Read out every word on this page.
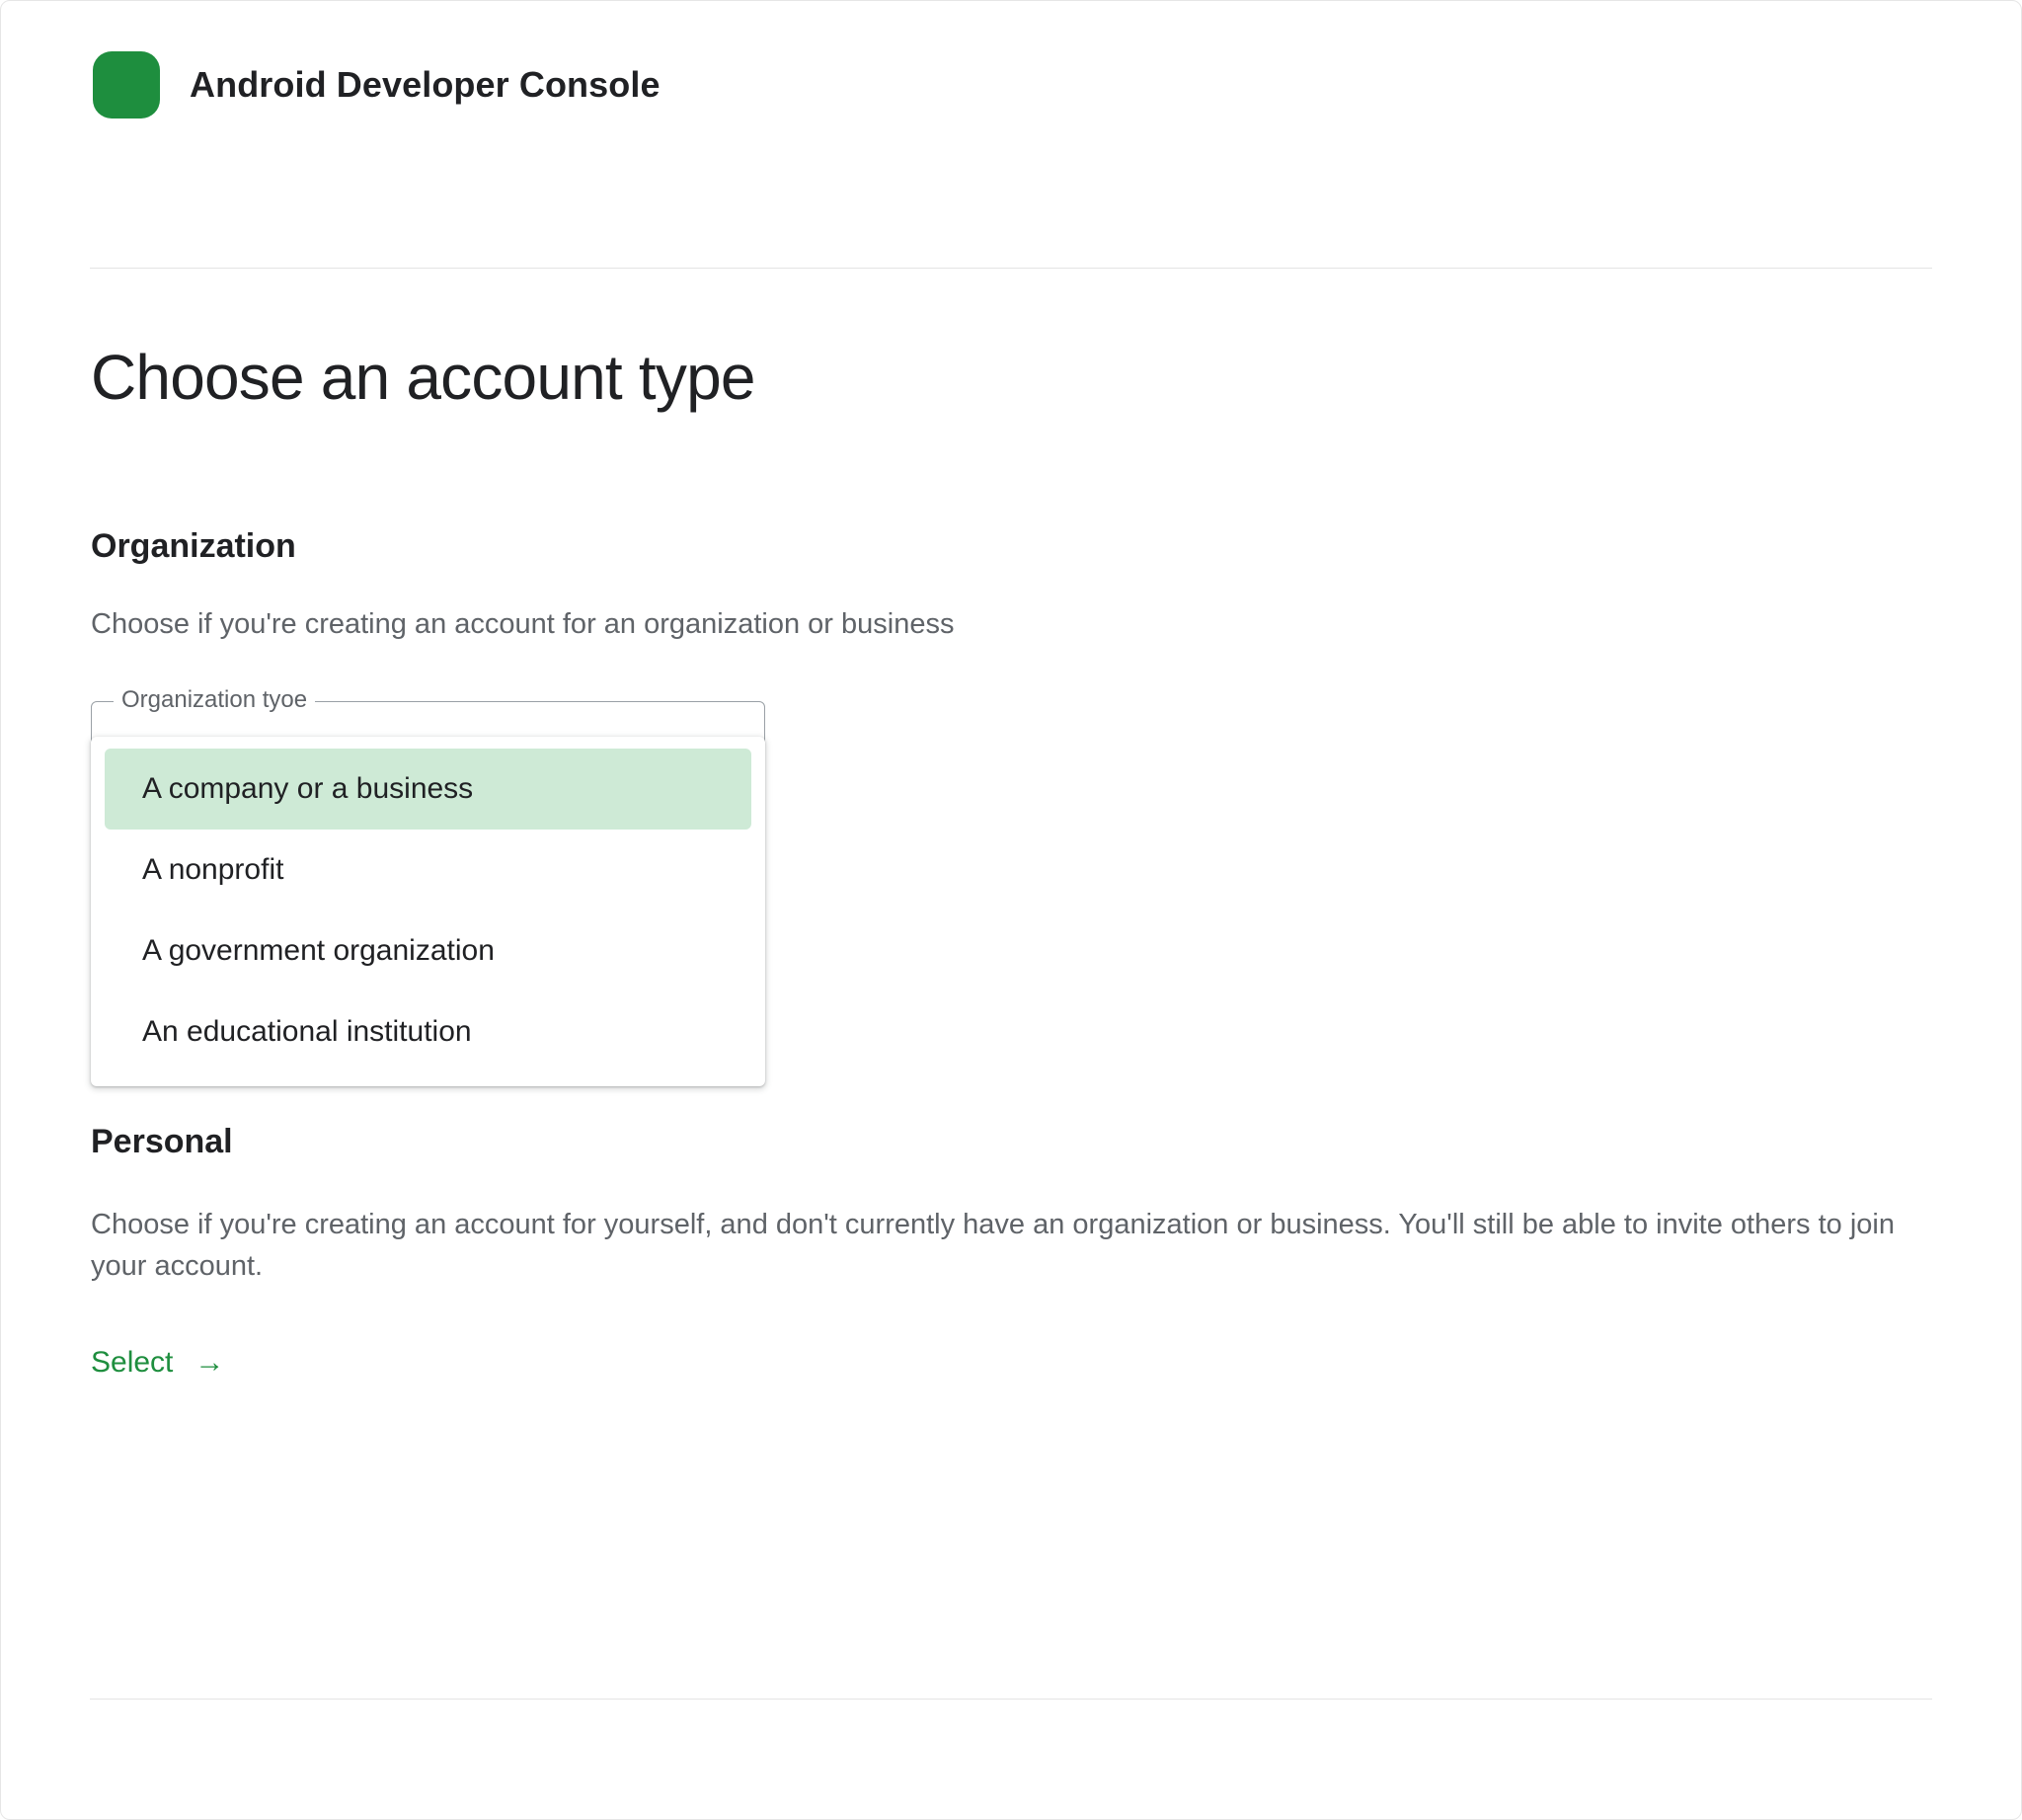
Android Developer Console
Choose an account type
Organization

Choose if you're creating an account for an organization or business

Organization tyoe
A company or a business
A nonprofit
A government organization
An educational institution
Personal

Choose if you're creating an account for yourself, and don't currently have an organization or business. You'll still be able to invite others to join your account.

Select →
